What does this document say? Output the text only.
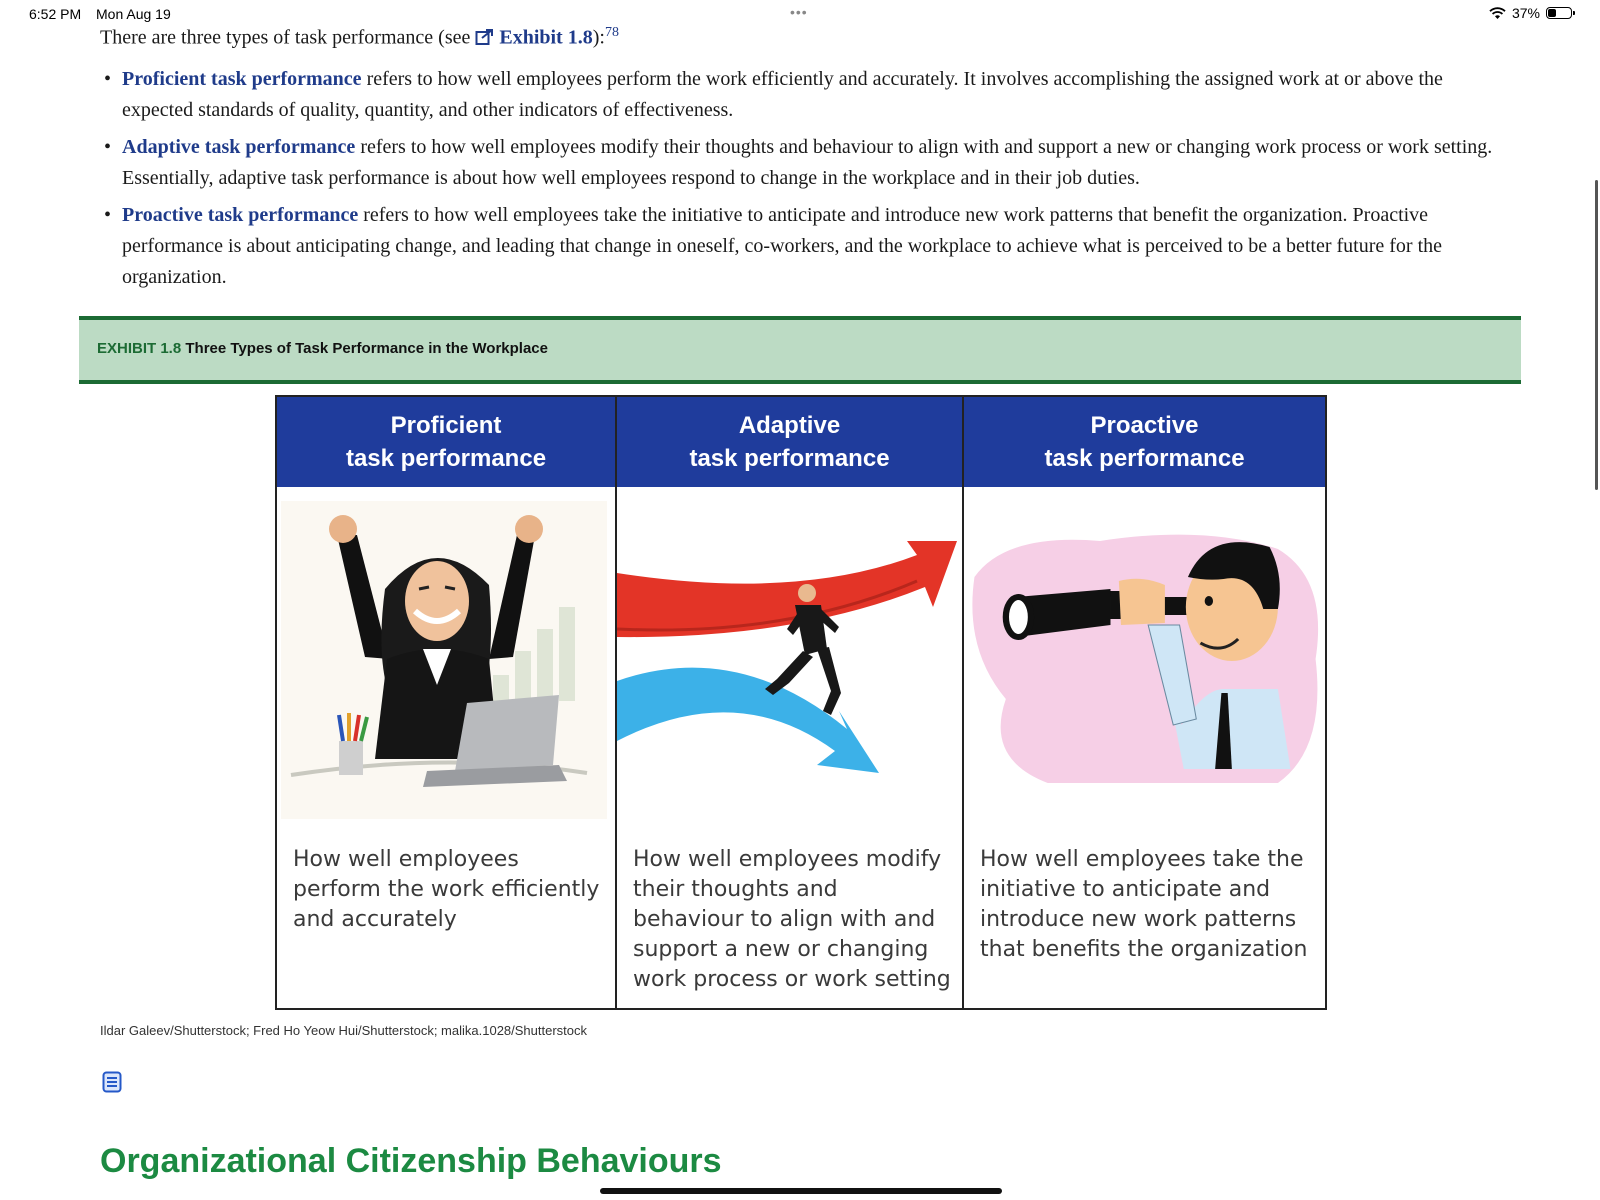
6:52 PM Mon Aug 19	•••	37%
There are three types of task performance (see Exhibit 1.8):$^{78}$
• Proficient task performance refers to how well employees perform the work efficiently and accurately. It involves accomplishing the assigned work at or above the expected standards of quality, quantity, and other indicators of effectiveness.
• Adaptive task performance refers to how well employees modify their thoughts and behaviour to align with and support a new or changing work process or work setting. Essentially, adaptive task performance is about how well employees respond to change in the workplace and in their job duties.
• Proactive task performance refers to how well employees take the initiative to anticipate and introduce new work patterns that benefit the organization. Proactive performance is about anticipating change, and leading that change in oneself, co-workers, and the workplace to achieve what is perceived to be a better future for the organization.
EXHIBIT 1.8 Three Types of Task Performance in the Workplace
Proficient
task performance
How well employees perform the work efficiently and accurately
Adaptive
task performance
How well employees modify their thoughts and behaviour to align with and support a new or changing work process or work setting
Proactive
task performance
How well employees take the initiative to anticipate and introduce new work patterns that benefits the organization
Ildar Galeev/Shutterstock; Fred Ho Yeow Hui/Shutterstock; malika.1028/Shutterstock
Organizational Citizenship Behaviours
